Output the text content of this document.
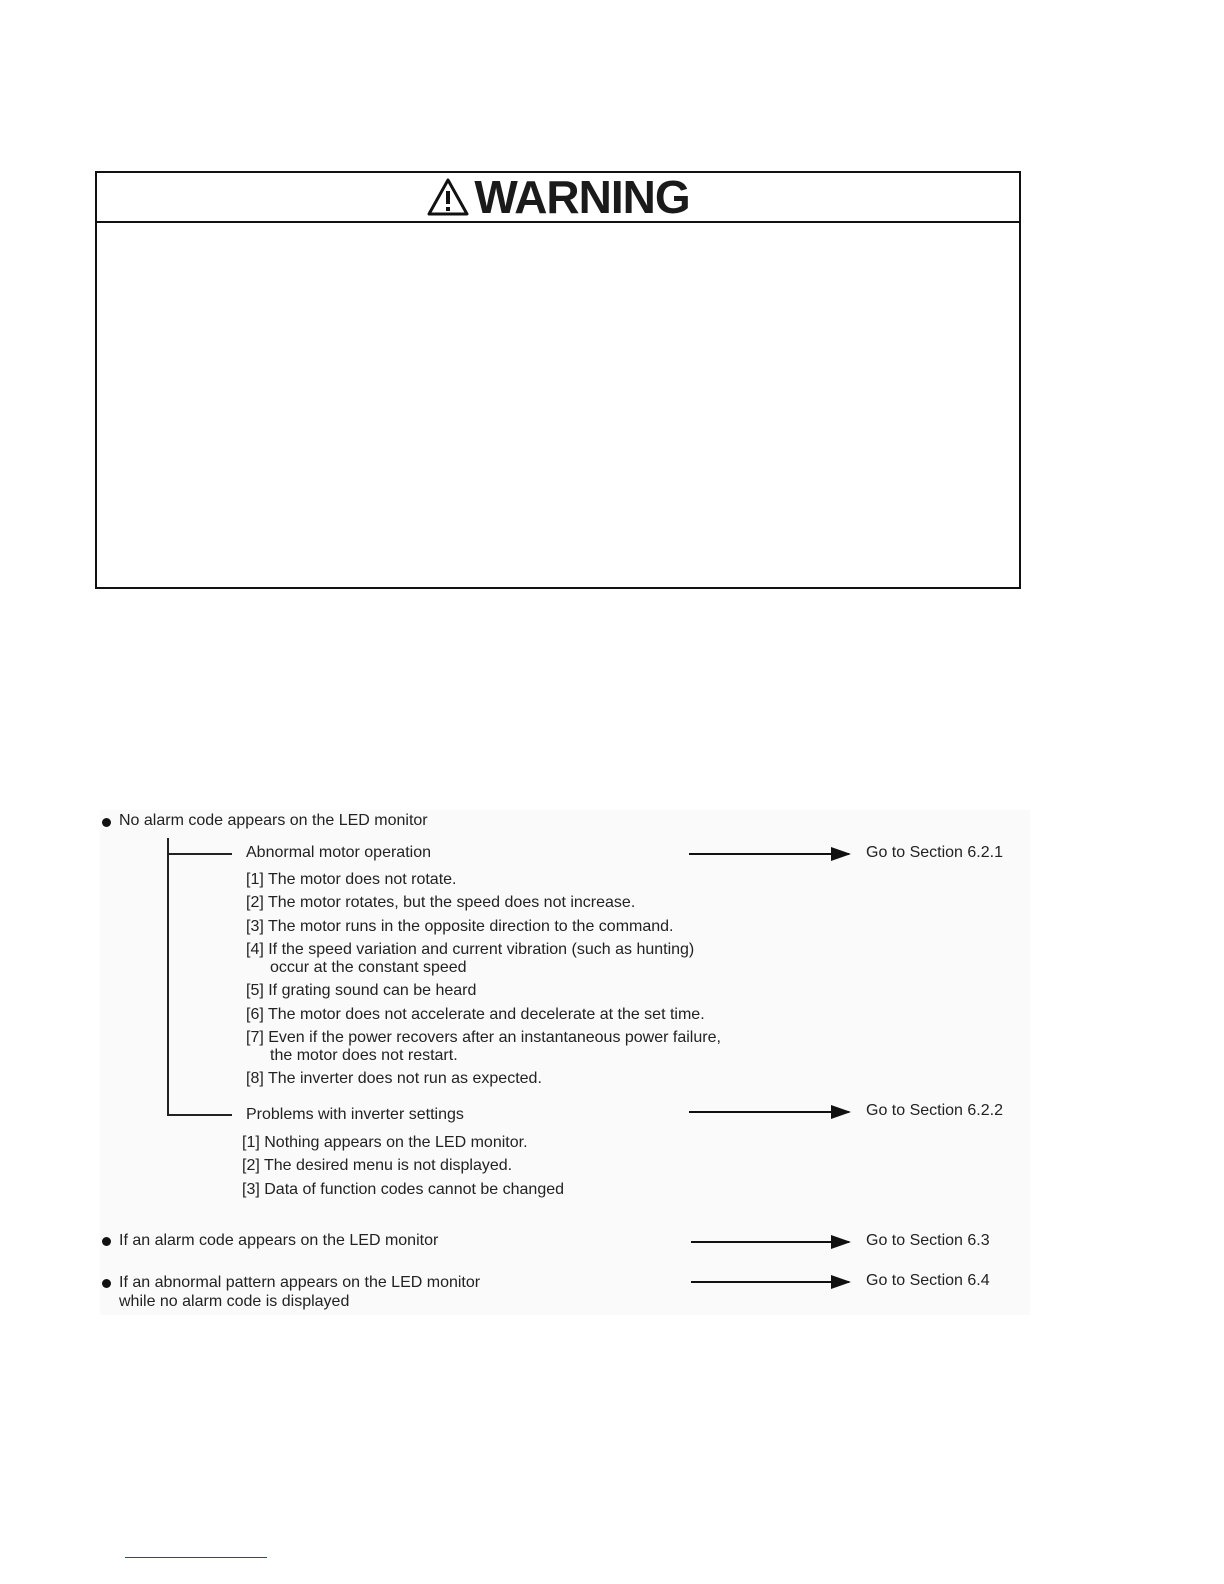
WARNING
No alarm code appears on the LED monitor
Abnormal motor operation	Go to Section 6.2.1
[1] The motor does not rotate.
[2] The motor rotates, but the speed does not increase.
[3] The motor runs in the opposite direction to the command.
[4] If the speed variation and current vibration (such as hunting)
occur at the constant speed
[5] If grating sound can be heard
[6] The motor does not accelerate and decelerate at the set time.
[7] Even if the power recovers after an instantaneous power failure,
the motor does not restart.
[8] The inverter does not run as expected.
Problems with inverter settings	Go to Section 6.2.2
[1] Nothing appears on the LED monitor.
[2] The desired menu is not displayed.
[3] Data of function codes cannot be changed
If an alarm code appears on the LED monitor	Go to Section 6.3
If an abnormal pattern appears on the LED monitor
while no alarm code is displayed
Go to Section 6.4
